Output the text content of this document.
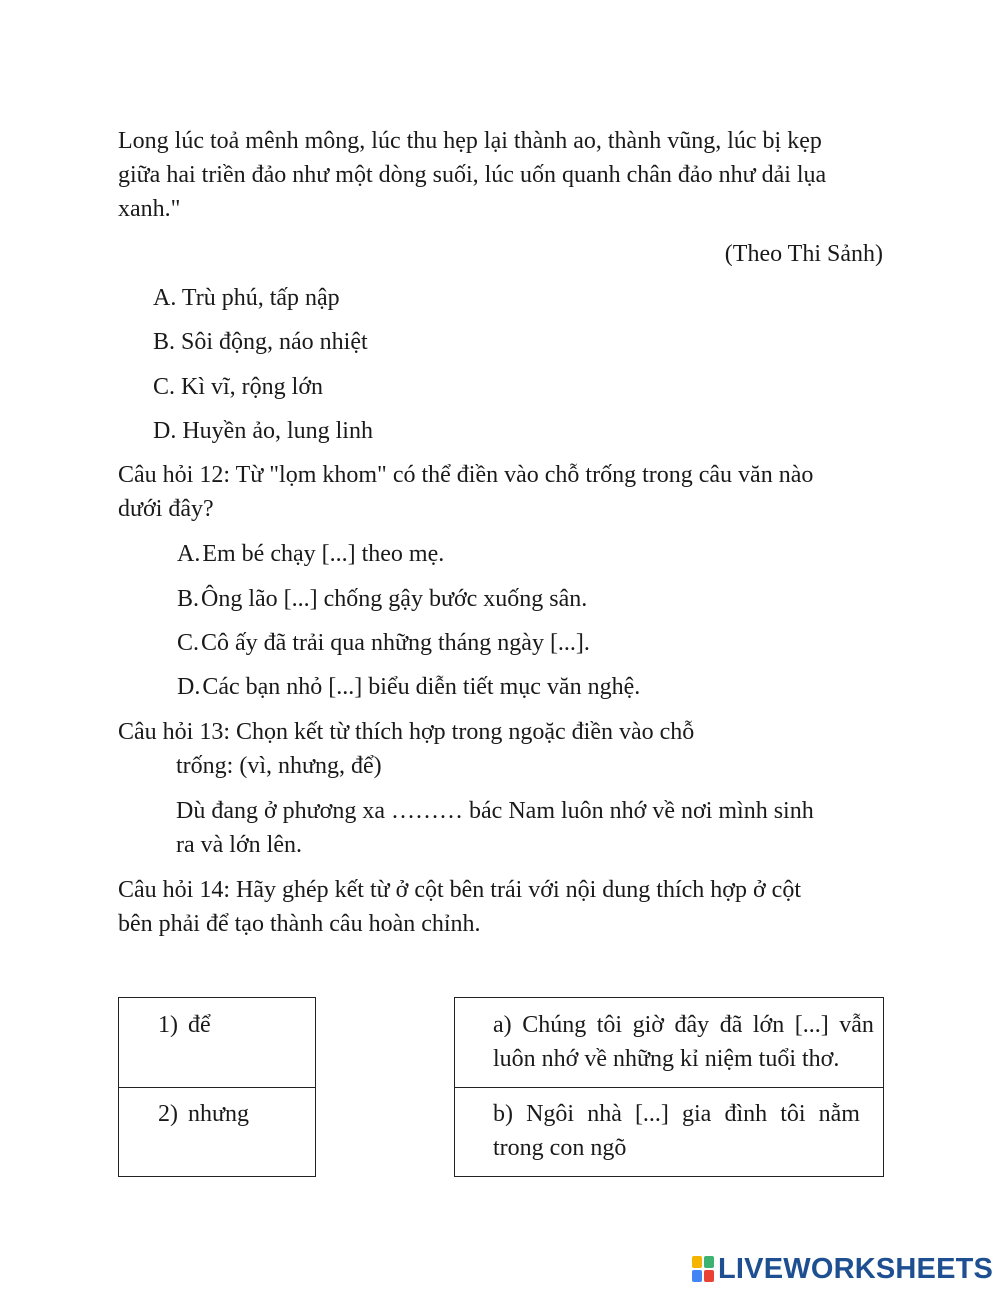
Long lúc toả mênh mông, lúc thu hẹp lại thành ao, thành vũng, lúc bị kẹp
giữa hai triền đảo như một dòng suối, lúc uốn quanh chân đảo như dải lụa
xanh."
(Theo Thi Sảnh)
A. Trù phú, tấp nập
B. Sôi động, náo nhiệt
C. Kì vĩ, rộng lớn
D. Huyền ảo, lung linh
Câu hỏi 12: Từ "lọm khom" có thể điền vào chỗ trống trong câu văn nào
dưới đây?
A.Em bé chạy [...] theo mẹ.
B.Ông lão [...] chống gậy bước xuống sân.
C.Cô ấy đã trải qua những tháng ngày [...].
D.Các bạn nhỏ [...] biểu diễn tiết mục văn nghệ.
Câu hỏi 13: Chọn kết từ thích hợp trong ngoặc điền vào chỗ
trống: (vì, nhưng, để)
Dù đang ở phương xa ……… bác Nam luôn nhớ về nơi mình sinh
ra và lớn lên.
Câu hỏi 14: Hãy ghép kết từ ở cột bên trái với nội dung thích hợp ở cột
bên phải để tạo thành câu hoàn chỉnh.
1) để
2) nhưng
a) Chúng tôi giờ đây đã lớn [...] vẫn
luôn nhớ về những kỉ niệm tuổi thơ.
b) Ngôi nhà [...] gia đình tôi nằm
trong con ngõ
LIVEWORKSHEETS
